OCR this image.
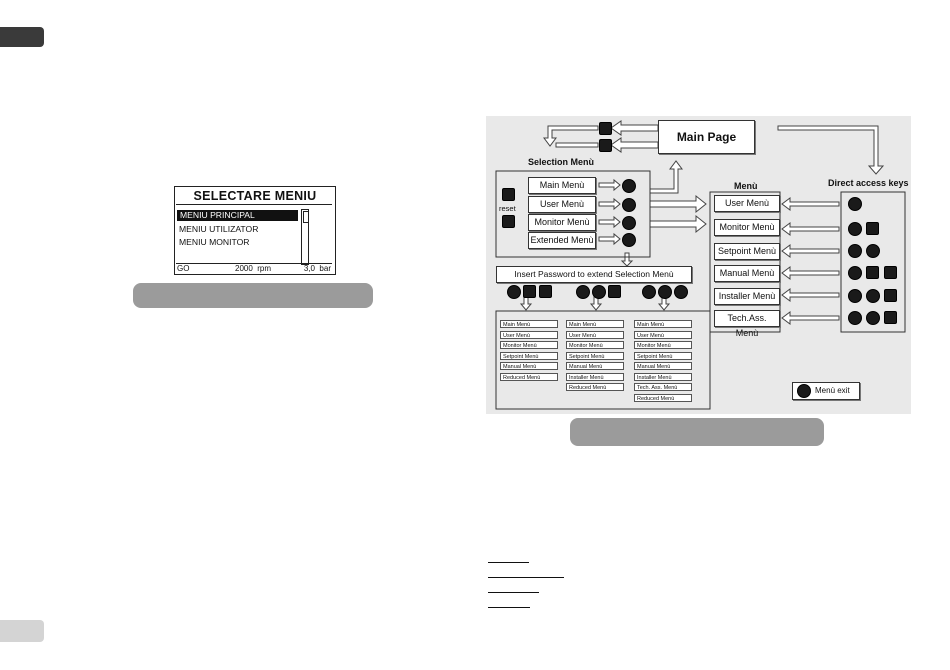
SELECTARE MENIU
MENIU PRINCIPAL
MENIU UTILIZATOR
MENIU MONITOR
GO	2000  rpm	3,0  bar
Main Page
Selection Menù
reset
Main Menù
User Menù
Monitor Menù
Extended Menù
Insert Password to extend Selection Menù
Main Menù
User Menù
Monitor Menù
Setpoint Menù
Manual Menù
Reduced Menù
Main Menù
User Menù
Monitor Menù
Setpoint Menù
Manual Menù
Installer Menù
Reduced Menù
Main Menù
User Menù
Monitor Menù
Setpoint Menù
Manual Menù
Installer Menù
Tech. Ass. Menù
Reduced Menù
Menù	Direct access keys
User Menù
Monitor Menù
Setpoint Menù
Manual Menù
Installer Menù
Tech.Ass. Menù
Menù exit
